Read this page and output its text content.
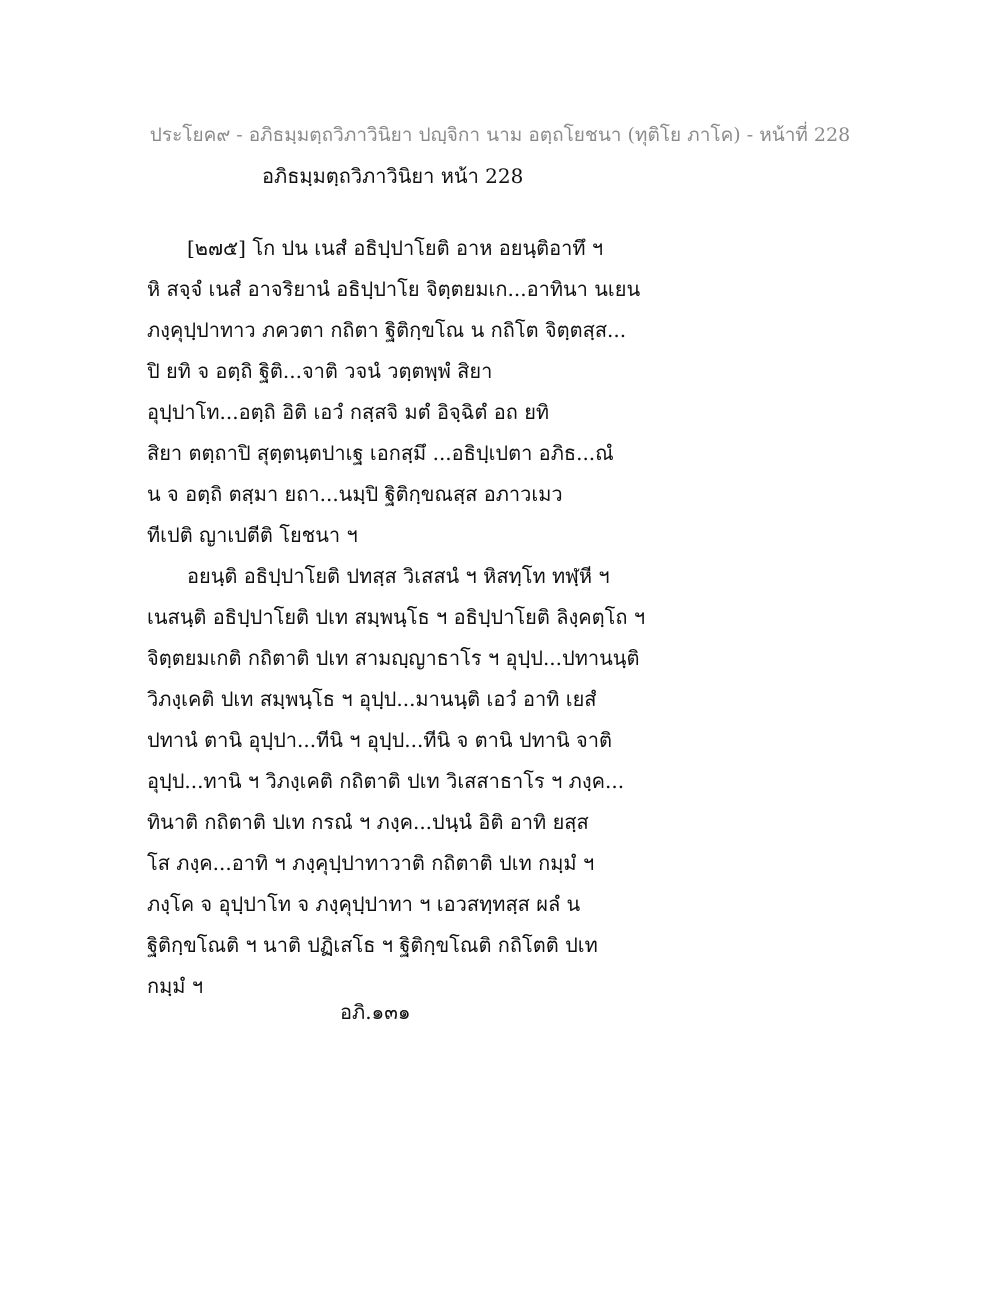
ประโยค๙ - อภิธมฺมตฺถวิภาวินิยา ปญฺจิกา นาม อตฺถโยชนา (ทุติโย ภาโค) - หน้าที่ 228
อภิธมฺมตฺถวิภาวินิยา หน้า 228
[๒๗๕] โก ปน เนสํ อธิปฺปาโยติ อาห อยนฺติอาทึ ฯ
หิ สจฺจํ เนสํ อาจริยานํ อธิปฺปาโย จิตฺตยมเก...อาทินา นเยน
ภงฺคุปฺปาทาว ภควตา กถิตา ฐิติกฺขโณ น กถิโต จิตฺตสฺส...
ปิ ยทิ จ อตฺถิ ฐิติ...จาติ วจนํ วตฺตพฺพํ สิยา
อุปฺปาโท...อตฺถิ อิติ เอวํ กสฺสจิ มตํ อิจฺฉิตํ อถ ยทิ
สิยา ตตฺถาปิ สุตฺตนฺตปาเฐ เอกสฺมึ ...อธิปฺเปตา อภิธ...ณํ
น จ อตฺถิ ตสฺมา ยถา...นมฺปิ ฐิติกฺขณสฺส อภาวเมว
ทีเปติ ญาเปตีติ โยชนา ฯ
อยนฺติ อธิปฺปาโยติ ปทสฺส วิเสสนํ ฯ หิสทฺโท ทฬฺหี ฯ
เนสนฺติ อธิปฺปาโยติ ปเท สมฺพนฺโธ ฯ อธิปฺปาโยติ ลิงฺคตฺโถ ฯ
จิตฺตยมเกติ กถิตาติ ปเท สามญฺญาธาโร ฯ อุปฺป...ปทานนฺติ
วิภงฺเคติ ปเท สมฺพนฺโธ ฯ อุปฺป...มานนฺติ เอวํ อาทิ เยสํ
ปทานํ ตานิ อุปฺปา...ทีนิ ฯ อุปฺป...ทีนิ จ ตานิ ปทานิ จาติ
อุปฺป...ทานิ ฯ วิภงฺเคติ กถิตาติ ปเท วิเสสาธาโร ฯ ภงฺค...
ทินาติ กถิตาติ ปเท กรณํ ฯ ภงฺค...ปนฺนํ อิติ อาทิ ยสฺส
โส ภงฺค...อาทิ ฯ ภงฺคุปฺปาทาวาติ กถิตาติ ปเท กมฺมํ ฯ
ภงฺโค จ อุปฺปาโท จ ภงฺคุปฺปาทา ฯ เอวสทฺทสฺส ผลํ น
ฐิติกฺขโณติ ฯ นาติ ปฏิเสโธ ฯ ฐิติกฺขโณติ กถิโตติ ปเท
กมฺมํ ฯ
อภิ.๑๓๑
